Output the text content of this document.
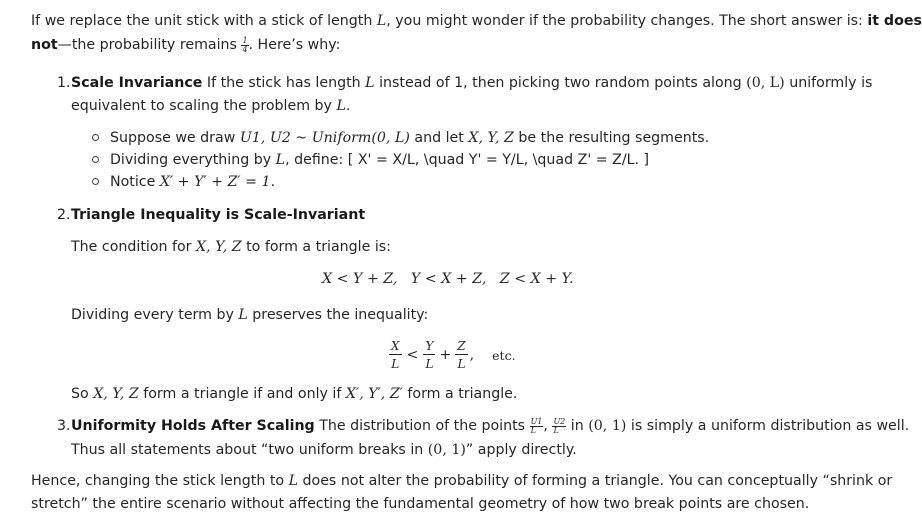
If we replace the unit stick with a stick of length L, you might wonder if the probability changes. The short answer is: it does
not—the probability remains $\frac{1}{4}$ . Here’s why:
1. Scale Invariance If the stick has length L instead of 1, then picking two random points along (0, L) uniformly is
equivalent to scaling the problem by L.
Suppose we draw U1, U2 ~ Uniform(0, L) and let X, Y, Z be the resulting segments.
Dividing everything by L, define: [ X' = X/L, \quad Y' = Y/L, \quad Z' = Z/L. ]
Notice X′ + Y′ + Z′ = 1.
2. Triangle Inequality is Scale-Invariant
The condition for X, Y, Z to form a triangle is:
X < Y + Z,   Y < X + Z,   Z < X + Y.
Dividing every term by L preserves the inequality:
$\frac{X}{L} < \frac{Y}{L} + \frac{Z}{L}$ , etc.
So X, Y, Z form a triangle if and only if X′, Y′, Z′ form a triangle.
3. Uniformity Holds After Scaling The distribution of the points $\frac{U1}{L}$ , $\frac{U2}{L}$ in (0, 1) is simply a uniform distribution as well.
Thus all statements about “two uniform breaks in (0, 1)” apply directly.
Hence, changing the stick length to L does not alter the probability of forming a triangle. You can conceptually “shrink or
stretch” the entire scenario without affecting the fundamental geometry of how two break points are chosen.
